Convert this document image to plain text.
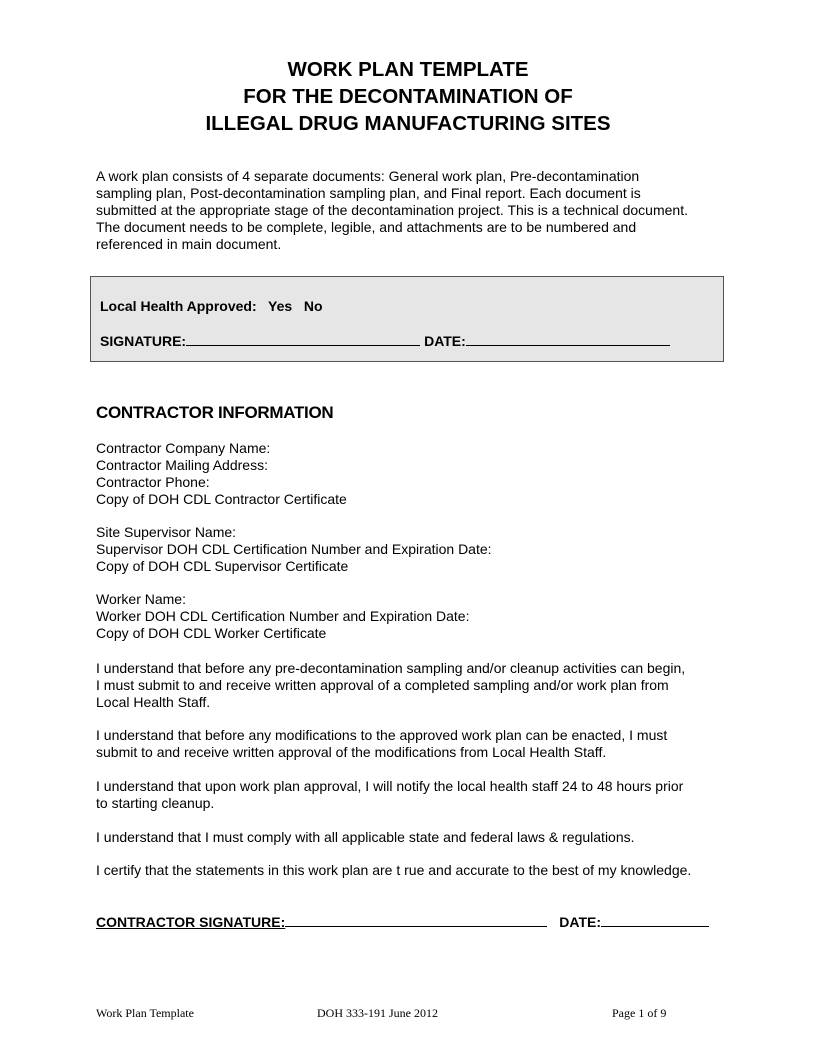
WORK PLAN TEMPLATE
FOR THE DECONTAMINATION OF
ILLEGAL DRUG MANUFACTURING SITES
A work plan consists of 4 separate documents: General work plan, Pre-decontamination
sampling plan, Post-decontamination sampling plan, and Final report. Each document is
submitted at the appropriate stage of the decontamination project. This is a technical document.
The document needs to be complete, legible, and attachments are to be numbered and
referenced in main document.
Local Health Approved: Yes No
SIGNATURE:	DATE:
CONTRACTOR INFORMATION
Contractor Company Name:
Contractor Mailing Address:
Contractor Phone:
Copy of DOH CDL Contractor Certificate
Site Supervisor Name:
Supervisor DOH CDL Certification Number and Expiration Date:
Copy of DOH CDL Supervisor Certificate
Worker Name:
Worker DOH CDL Certification Number and Expiration Date:
Copy of DOH CDL Worker Certificate
I understand that before any pre-decontamination sampling and/or cleanup activities can begin,
I must submit to and receive written approval of a completed sampling and/or work plan from
Local Health Staff.
I understand that before any modifications to the approved work plan can be enacted, I must
submit to and receive written approval of the modifications from Local Health Staff.
I understand that upon work plan approval, I will notify the local health staff 24 to 48 hours prior
to starting cleanup.
I understand that I must comply with all applicable state and federal laws & regulations.
I certify that the statements in this work plan are t rue and accurate to the best of my knowledge.
CONTRACTOR SIGNATURE:	DATE:
Work Plan Template	DOH 333-191 June 2012	Page 1 of 9
